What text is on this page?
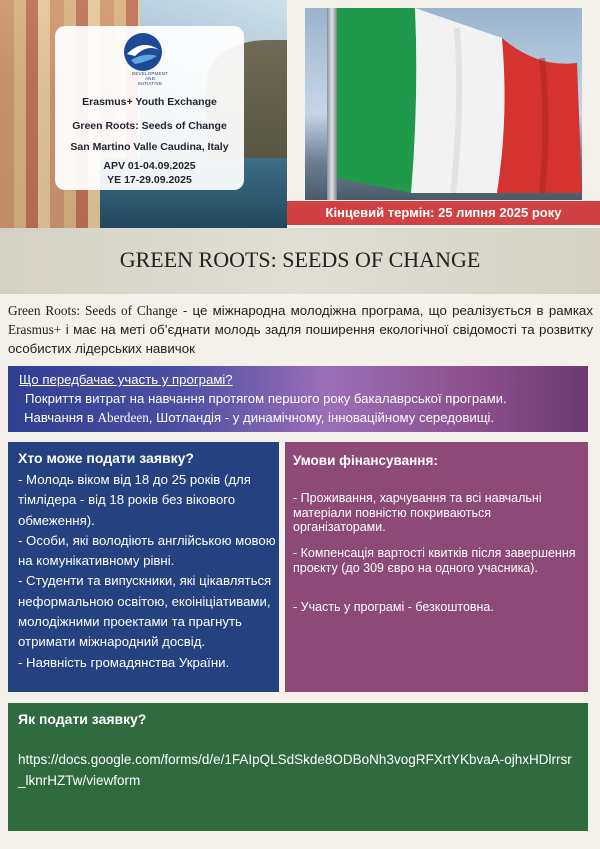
DEVELOPMENT
AND
INITIATIVE
Erasmus+ Youth Exchange
Green Roots: Seeds of Change
San Martino Valle Caudina, Italy
APV 01-04.09.2025
YE 17-29.09.2025
Кінцевий термін: 25 липня 2025 року
GREEN ROOTS: SEEDS OF CHANGE
Green Roots: Seeds of Change - це міжнародна молодіжна програма, що реалізується в рамках Erasmus+ і має на меті об’єднати молодь задля поширення екологічної свідомості та розвитку особистих лідерських навичок
Що передбачає участь у програмі?
Покриття витрат на навчання протягом першого року бакалаврської програми.
Навчання в Aberdeen, Шотландія - у динамічному, інноваційному середовищі.
Хто може подати заявку?
- Молодь віком від 18 до 25 років (для тімлідера - від 18 років без вікового обмеження).
- Особи, які володіють англійською мовою на комунікативному рівні.
- Студенти та випускники, які цікавляться неформальною освітою, екоініціативами, молодіжними проектами та прагнуть отримати міжнародний досвід.
- Наявність громадянства України.
Умови фінансування:
- Проживання, харчування та всі навчальні матеріали повністю покриваються організаторами.
- Компенсація вартості квитків після завершення проєкту (до 309 євро на одного учасника).
- Участь у програмі - безкоштовна.
Як подати заявку?
https://docs.google.com/forms/d/e/1FAIpQLSdSkde8ODBoNh3vogRFXrtYKbvaA-ojhxHDlrrsr_lknrHZTw/viewform
